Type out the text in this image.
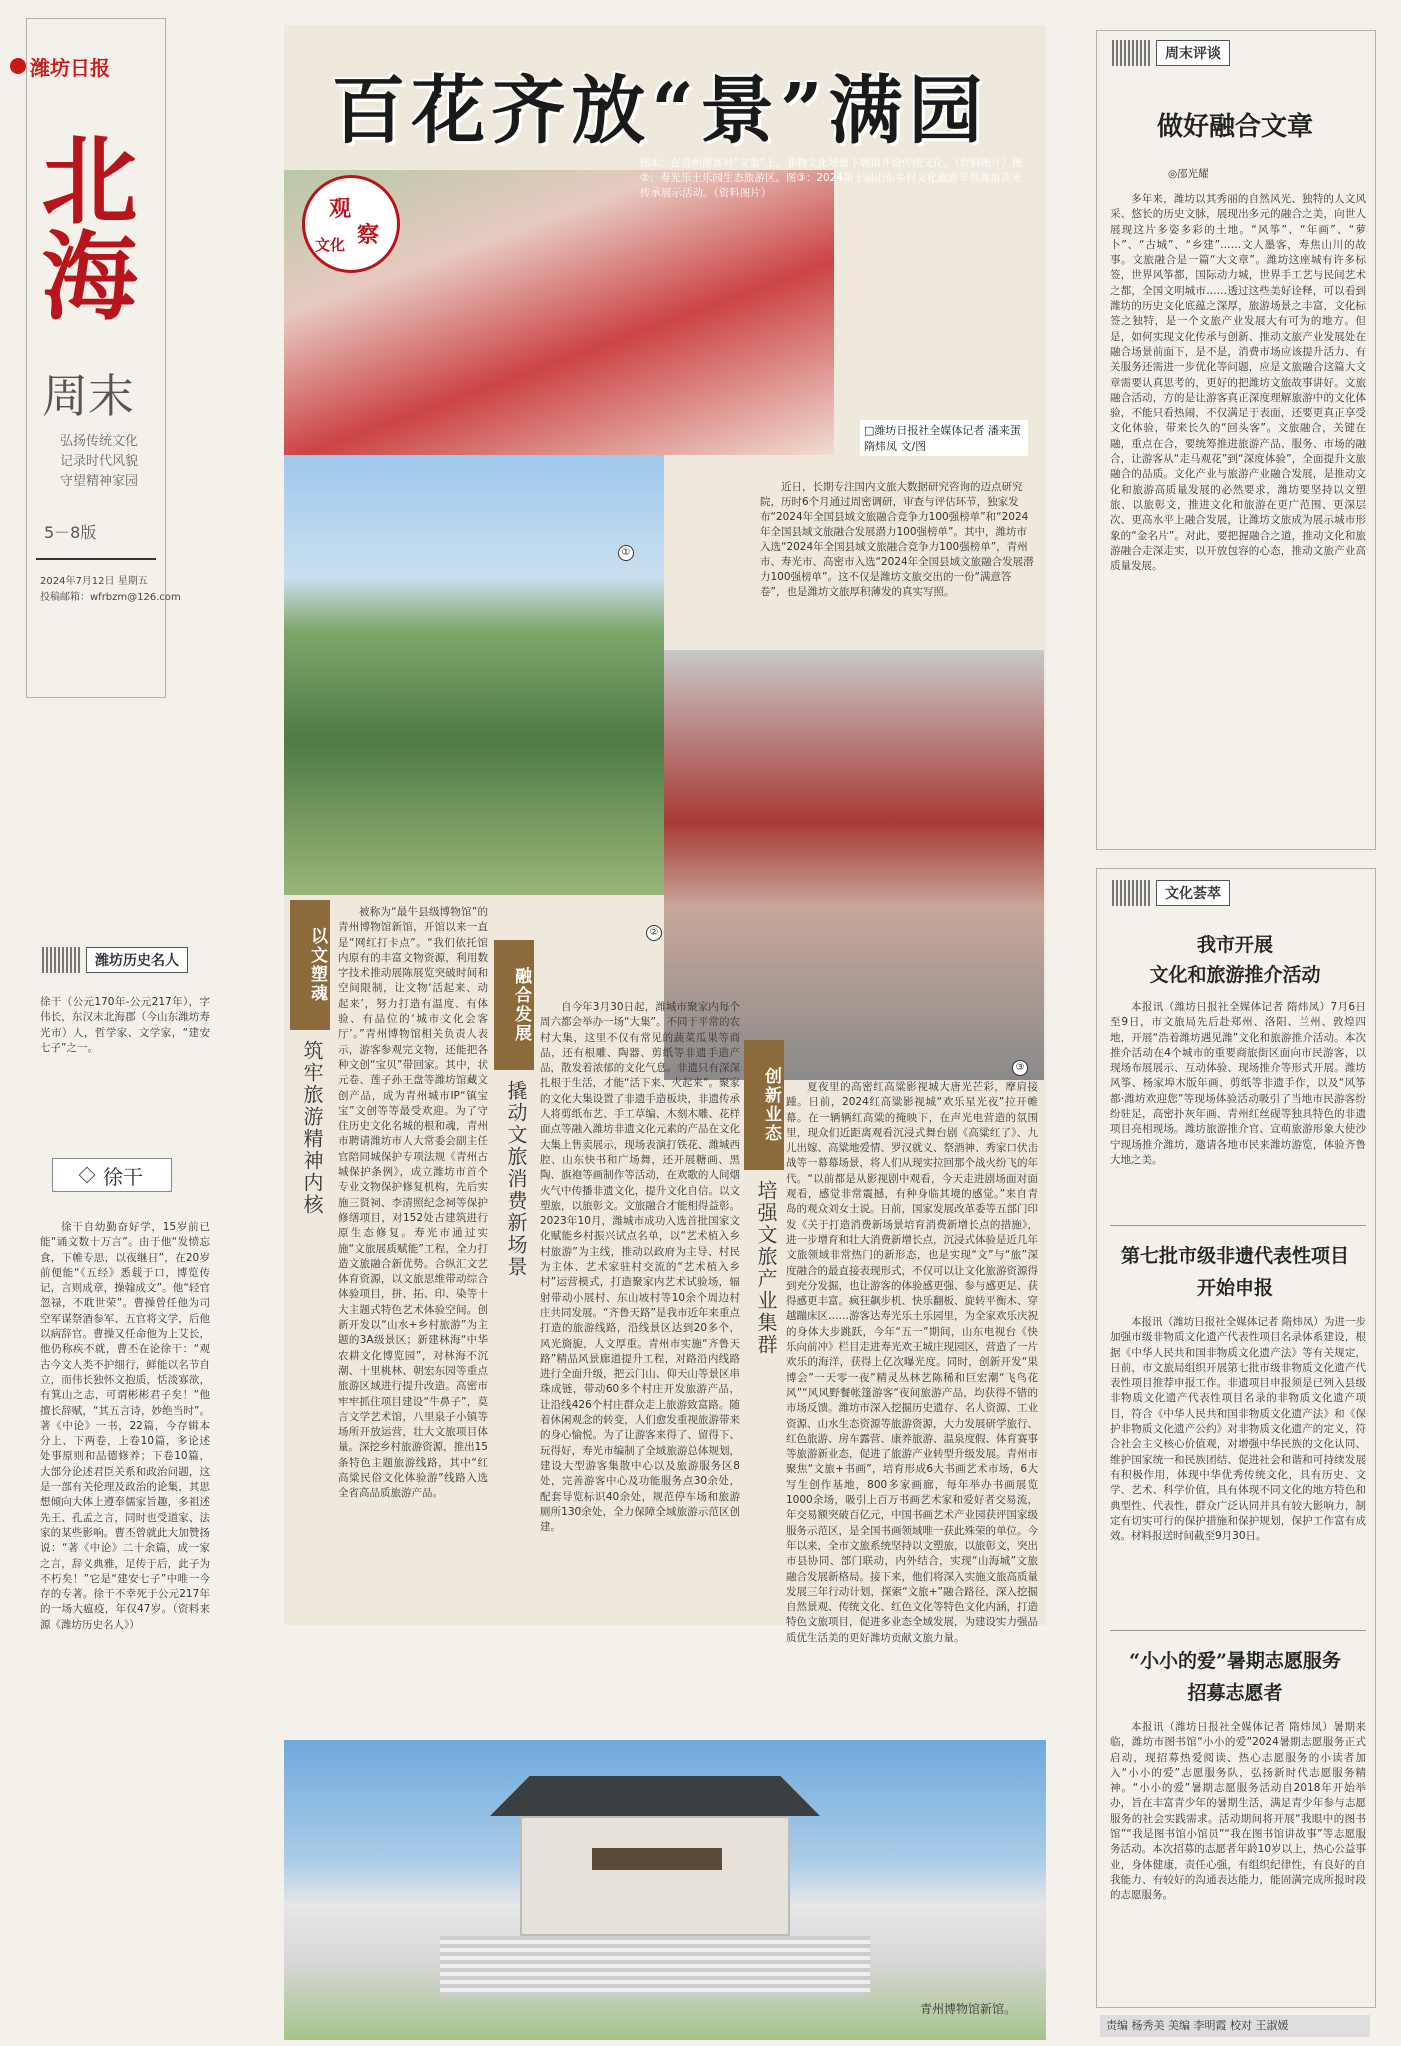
潍坊日报
北海
周末
弘扬传统文化
记录时代风貌
守望精神家园
5－8版
2024年7月12日 星期五
投稿邮箱：wfrbzm@126.com
潍坊历史名人
徐干（公元170年-公元217年），字伟长，东汉末北海郡（今山东潍坊寿光市）人，哲学家、文学家，“建安七子”之一。
徐干

徐干自幼勤奋好学，15岁前已能“诵文数十万言”。由于他“发愤忘食，下帷专思，以夜继日”，在20岁前便能“《五经》悉载于口，博览传记，言则成章，操翰成文”。他“轻官忽禄，不耽世荣”。曹操曾任他为司空军谋祭酒参军、五官将文学，后他以病辞官。曹操又任命他为上艾长，他仍称疾不就，曹丕在论徐干：“观古今文人类不护细行，鲜能以名节自立，而伟长独怀文抱质，恬淡寡欲，有箕山之志，可谓彬彬君子矣！”他擅长辞赋，“其五言诗，妙绝当时”。著《中论》一书，22篇，今存辑本分上、下两卷，上卷10篇，多论述处事原则和品德修养；下卷10篇，大部分论述君臣关系和政治问题，这是一部有关伦理及政治的论集，其思想倾向大体上遵奉儒家旨趣，多祖述先王、孔孟之言，同时也受道家、法家的某些影响。曹丕曾就此大加赞扬说：“著《中论》二十余篇，成一家之言，辞义典雅，足传于后，此子为不朽矣！”它是“建安七子”中唯一今存的专著。徐干不幸死于公元217年的一场大瘟疫，年仅47岁。（资料来源《潍坊历史名人》）

百花齐放“景”满园
观
察
文化
图①：在青州游客对“文美”上，非物文化场景下展馆开设传统文化。（资料图片）图②：寿光乐土乐园生态旅游区。图③：2024第十届山东乡村文化旅游节暨潍坊高光传承展示活动。（资料图片）
□潍坊日报社全媒体记者 潘来蛋 隋炜凤 文/图

近日，长期专注国内文旅大数据研究咨询的迈点研究院，历时6个月通过周密调研，审查与评估环节，独家发布“2024年全国县域文旅融合竞争力100强榜单”和“2024年全国县域文旅融合发展潜力100强榜单”。其中，潍坊市入选“2024年全国县域文旅融合竞争力100强榜单”，青州市、寿光市、高密市入选“2024年全国县域文旅融合发展潜力100强榜单”。这不仅是潍坊文旅交出的一份“满意答卷”，也是潍坊文旅厚积薄发的真实写照。

①
②
③
以文塑魂
筑牢旅游精神内核

被称为“最牛县级博物馆”的青州博物馆新馆，开馆以来一直是“网红打卡点”。“我们依托馆内原有的丰富文物资源，利用数字技术推动展陈展览突破时间和空间限制，让文物‘活起来、动起来’，努力打造有温度、有体验、有品位的‘城市文化会客厅’。”青州博物馆相关负责人表示，游客参观完文物，还能把各种文创“宝贝”带回家。其中，状元卷、莲子孙王盘等潍坊馆藏文创产品，成为青州城市IP“镇宝宝”文创等等最受欢迎。为了守住历史文化名城的根和魂，青州市聘请潍坊市人大常委会副主任官陪同城保护专项法规《青州古城保护条例》，成立潍坊市首个专业文物保护修复机构，先后实施三贤祠、李清照纪念祠等保护修缮项目，对152处古建筑进行原生态修复。寿光市通过实施“文旅展质赋能”工程，全力打造文旅融合新优势。合纵汇文艺体育资源，以文旅思维带动综合体验项目，拼、拓、印、染等十大主题式特色艺术体验空间。创新开发以“山水+乡村旅游”为主题的3A级景区；新建林海“中华农耕文化博览园”，对林海不沉潮、十里桃林、朝宏东园等重点旅游区域进行提升改造。高密市牢牢抓住项目建设“牛鼻子”，莫言文学艺术馆，八里泉子小镇等场所开放运营，壮大文旅项目体量。深挖乡村旅游资源，推出15条特色主题旅游线路，其中“红高粱民俗文化体验游”线路入选全省高品质旅游产品。

融合发展
撬动文旅消费新场景

自今年3月30日起，潍城市聚家内每个周六都会举办一场“大集”。不同于平常的农村大集，这里不仅有常见的蔬菜瓜果等商品，还有根雕、陶器、剪纸等非遗手造产品，散发着浓郁的文化气息。非遗只有深深扎根于生活，才能“活下来、火起来”。聚家的文化大集设置了非遗手造板块，非遗传承人将剪纸布艺、手工草编、木刻木雕、花样面点等融入潍坊非遗文化元素的产品在文化大集上售卖展示，现场表演打铁花、潍城西腔、山东快书和广场舞，还开展糖画、黑陶、旗袍等画制作等活动，在欢歌的人间烟火气中传播非遗文化，提升文化自信。以文塑旅，以旅彰文。文旅融合才能相得益彰。2023年10月，潍城市成功入选首批国家文化赋能乡村振兴试点名单，以“艺术植入乡村旅游”为主线，推动以政府为主导、村民为主体、艺术家驻村交流的“艺术植入乡村”运营模式，打造聚家内艺术试验场，辐射带动小展村、东山坡村等10余个周边村庄共同发展。“齐鲁天路”是我市近年来重点打造的旅游线路，沿线景区达到20多个，风光旖旎，人文厚重。青州市实施“齐鲁天路”精品风景廊道提升工程，对路沿内线路进行全面升级，把云门山、仰天山等景区串珠成链，带动60多个村庄开发旅游产品，让沿线426个村庄群众走上旅游致富路。随着休闲观念的转变，人们愈发重视旅游带来的身心愉悦。为了让游客来得了、留得下、玩得好，寿光市编制了全域旅游总体规划，建设大型游客集散中心以及旅游服务区8处，完善游客中心及功能服务点30余处，配套导览标识40余处，规范停车场和旅游厕所130余处，全力保障全域旅游示范区创建。

创新业态
培强文旅产业集群

夏夜里的高密红高粱影视城大唐光芒彩，摩肩接踵。日前，2024红高粱影视城“欢乐星光夜”拉开帷幕。在一辆辆红高粱的掩映下，在声光电营造的氛围里，现众们近距离观看沉浸式舞台剧《高粱红了》、九儿出嫁、高粱地爱情、罗汉就义、祭酒神、秀家口伏击战等一幕幕场景，将人们从现实拉回那个战火纷飞的年代。“以前都是从影视剧中观看，今天走进剧场面对面观看，感觉非常震撼，有种身临其境的感觉。”来自青岛的观众刘女士说。日前，国家发展改革委等五部门印发《关于打造消费新场景培育消费新增长点的措施》，进一步增育和壮大消费新增长点，沉浸式体验是近几年文旅领域非常热门的新形态，也是实现“文”与“旅”深度融合的最直接表现形式，不仅可以让文化旅游资源得到充分发掘，也让游客的体验感更强、参与感更足、获得感更丰富。疯狂飙步机、快乐翻板、旋转平衡木、穿越蹦床区……游客达寿光乐土乐园里，为全家欢乐庆祝的身体大步跳跃，今年“五一”期间，山东电视台《快乐向前冲》栏目走进寿光欢王城庄现园区，营造了一片欢乐的海洋，获得上亿次曝光度。同时，创新开发“果博会”一天零一夜”精灵丛林艺陈稀和巨宏潮“飞鸟花风”“风风野餐帐篷游客“夜间旅游产品，均获得不错的市场反馈。潍坊市深入挖掘历史遗存、名人资源、工业资源、山水生态资源等旅游资源，大力发展研学旅行、红色旅游、房车露营、康养旅游、温泉度假、体育赛事等旅游新业态，促进了旅游产业转型升级发展。青州市聚焦“文旅+书画”，培育形成6大书画艺术市场，6大写生创作基地，800多家画廊，每年举办书画展览1000余场，吸引上百万书画艺术家和爱好者交易流，年交易额突破百亿元，中国书画艺术产业园获评国家级服务示范区，是全国书画领域唯一获此殊荣的单位。今年以来，全市文旅系统坚持以文塑旅，以旅彰文，突出市县协同、部门联动，内外结合，实现“山海城”文旅融合发展新格局。接下来，他们将深入实施文旅高质量发展三年行动计划，探索“文旅+”融合路径，深入挖掘自然景观、传统文化、红色文化等特色文化内涵，打造特色文旅项目，促进多业态全域发展，为建设实力强品质优生活美的更好潍坊贡献文旅力量。

青州博物馆新馆。
周末评谈
做好融合文章
◎邵光耀

多年来，潍坊以其秀丽的自然风光、独特的人文风采、悠长的历史文脉，展现出多元的融合之美，向世人展现这片多姿多彩的土地。“风筝”、“年画”、“萝卜”、“古城”、“乡建”……文人墨客，寿焦山川的故事。文旅融合是一篇“大文章”。潍坊这座城有许多标签，世界风筝都，国际动力城，世界手工艺与民间艺术之都，全国文明城市……透过这些美好诠释，可以看到潍坊的历史文化底蕴之深厚，旅游场景之丰富，文化标签之独特，是一个文旅产业发展大有可为的地方。但是，如何实现文化传承与创新、推动文旅产业发展处在融合场景前面下，是不是，消费市场应该提升活力、有关服务还需进一步优化等问题，应是文旅融合这篇大文章需要认真思考的，更好的把潍坊文旅故事讲好。文旅融合活动，方的是让游客真正深度理解旅游中的文化体验，不能只看热闹，不仅满足于表面，还要更真正享受文化体验，带来长久的“回头客”。文旅融合，关键在融，重点在合，要统筹推进旅游产品、服务、市场的融合，让游客从“走马观花”到“深度体验”，全面提升文旅融合的品质。文化产业与旅游产业融合发展，是推动文化和旅游高质量发展的必然要求，潍坊要坚持以文塑旅、以旅彰文，推进文化和旅游在更广范围、更深层次、更高水平上融合发展，让潍坊文旅成为展示城市形象的“金名片”。对此，要把握融合之道，推动文化和旅游融合走深走实，以开放包容的心态，推动文旅产业高质量发展。

文化荟萃
我市开展
文化和旅游推介活动

本报讯（潍坊日报社全媒体记者 隋炜凤）7月6日至9日，市文旅局先后赴郑州、洛阳、兰州、敦煌四地，开展“浩着潍坊遇见潍”文化和旅游推介活动。本次推介活动在4个城市的重要商旅街区面向市民游客，以现场布展展示、互动体验、现场推介等形式开展。潍坊风筝、杨家埠木版年画、剪纸等非遗手作，以及“风筝都·潍坊欢迎您”等现场体验活动吸引了当地市民游客纷纷驻足，高密扑灰年画、青州红丝砚等独具特色的非遗项目亮相现场。潍坊旅游推介官、宣萌旅游形象大使沙宁现场推介潍坊，邀请各地市民来潍坊游览，体验齐鲁大地之美。

第七批市级非遗代表性项目
开始申报

本报讯（潍坊日报社全媒体记者 隋炜凤）为进一步加强市级非物质文化遗产代表性项目名录体系建设，根据《中华人民共和国非物质文化遗产法》等有关规定，日前，市文旅局组织开展第七批市级非物质文化遗产代表性项目推荐申报工作。非遗项目申报须是已列入县级非物质文化遗产代表性项目名录的非物质文化遗产项目，符合《中华人民共和国非物质文化遗产法》和《保护非物质文化遗产公约》对非物质文化遗产的定义，符合社会主义核心价值观，对增强中华民族的文化认同、维护国家统一和民族团结、促进社会和谐和可持续发展有积极作用，体现中华优秀传统文化，具有历史、文学、艺术、科学价值，具有体现不同文化的地方特色和典型性、代表性，群众广泛认同并具有较大影响力，制定有切实可行的保护措施和保护规划，保护工作富有成效。材料报送时间截至9月30日。

“小小的爱”暑期志愿服务
招募志愿者

本报讯（潍坊日报社全媒体记者 隋炜凤）暑期来临，潍坊市图书馆“小小的爱”2024暑期志愿服务正式启动，现招募热爱阅读、热心志愿服务的小读者加入“小小的爱”志愿服务队，弘扬新时代志愿服务精神。“小小的爱”暑期志愿服务活动自2018年开始举办，旨在丰富青少年的暑期生活，满足青少年参与志愿服务的社会实践需求。活动期间将开展“我眼中的图书馆”“我是图书馆小馆员”“我在图书馆讲故事”等志愿服务活动。本次招募的志愿者年龄10岁以上，热心公益事业，身体健康，责任心强，有组织纪律性，有良好的自我能力、有较好的沟通表达能力，能固满完成所报时段的志愿服务。

责编 杨秀美 美编 李明霞 校对 王淑媛
